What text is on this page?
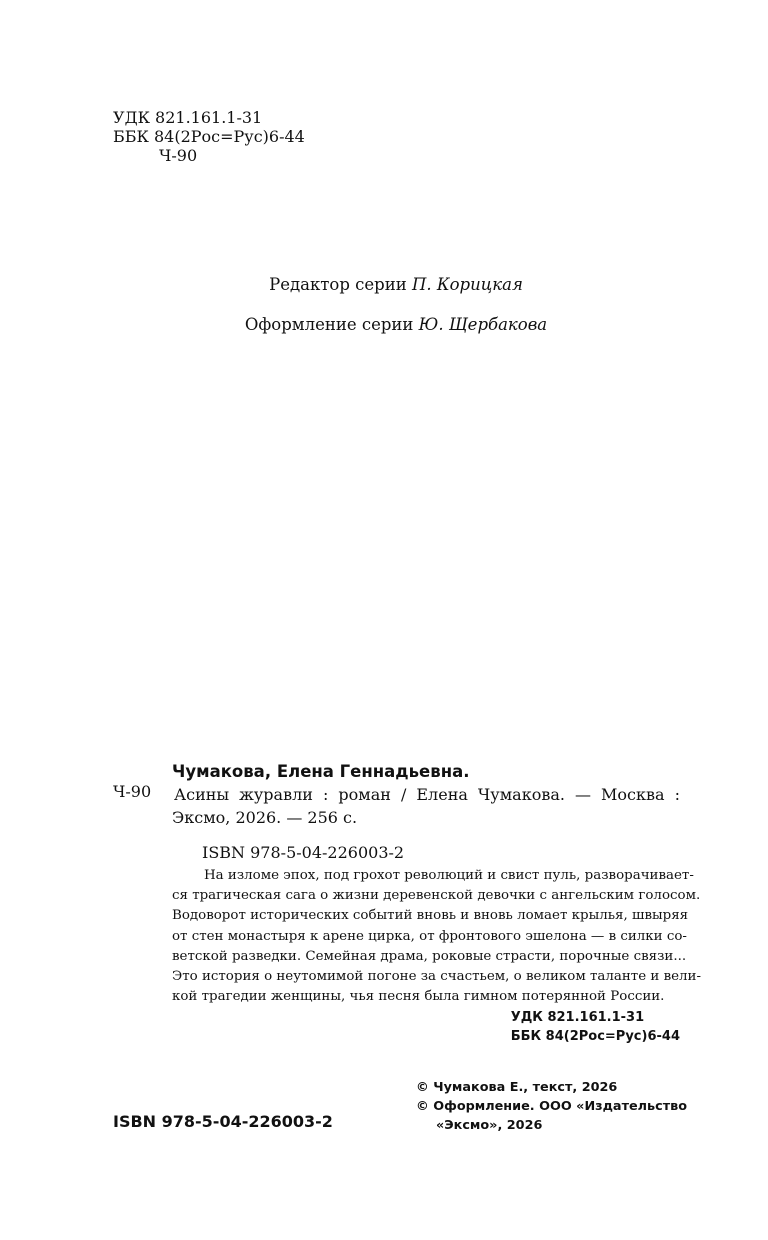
УДК 821.161.1-31
ББК 84(2Рос=Рус)6-44
Ч-90
Редактор серии П. Корицкая
Оформление серии Ю. Щербакова
Ч-90
Чумакова, Елена Геннадьевна.

Асины журавли : роман / Елена Чумакова. — Москва : Эксмо, 2026. — 256 с.

ISBN 978-5-04-226003-2
На изломе эпох, под грохот революций и свист пуль, разворачивает-
ся трагическая сага о жизни деревенской девочки с ангельским голосом.
Водоворот исторических событий вновь и вновь ломает крылья, швыряя
от стен монастыря к арене цирка, от фронтового эшелона — в силки со-
ветской разведки. Семейная драма, роковые страсти, порочные связи...
Это история о неутомимой погоне за счастьем, о великом таланте и вели-
кой трагедии женщины, чья песня была гимном потерянной России.
УДК 821.161.1-31
ББК 84(2Рос=Рус)6-44
© Чумакова Е., текст, 2026
© Оформление. ООО «Издательство
«Эксмо», 2026
ISBN 978-5-04-226003-2
